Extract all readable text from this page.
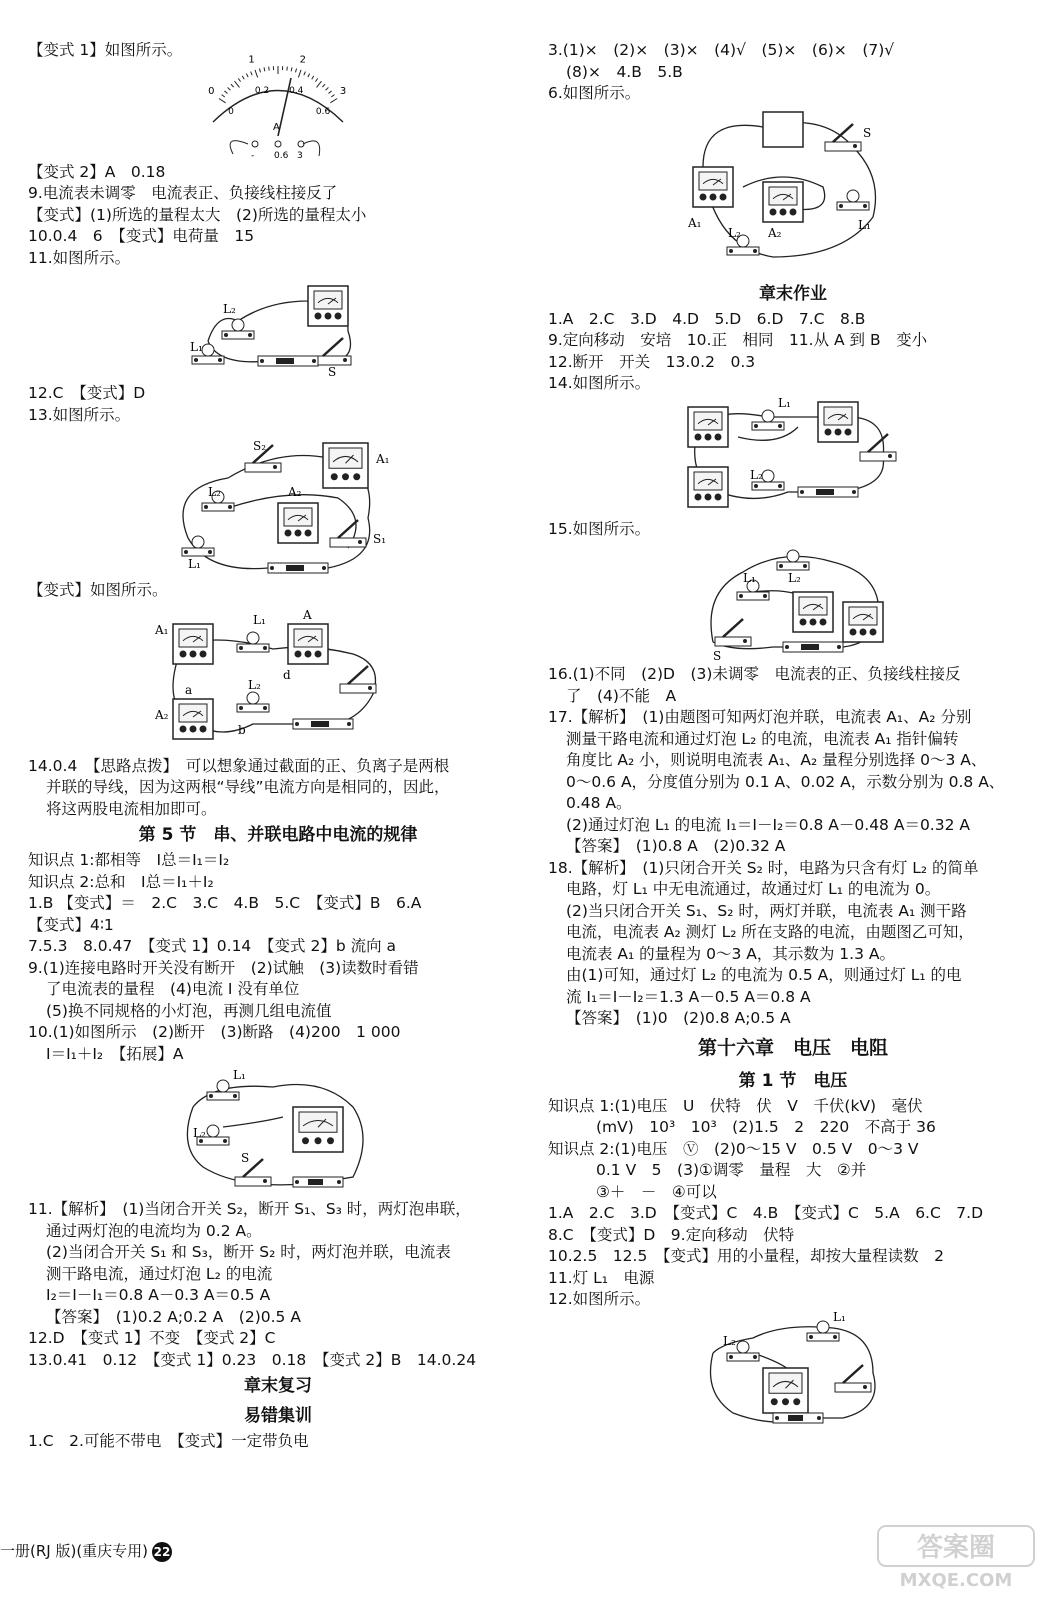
【变式 1】如图所示。
0
1	2
3
0
0.2 0.4
0.6
A
- 0.6 3
【变式 2】A　0.18
9.电流表未调零　电流表正、负接线柱接反了
【变式】(1)所选的量程太大　(2)所选的量程太小
10.0.4　6　【变式】电荷量　15
11.如图所示。
L₂
L₁
S
12.C　【变式】D
13.如图所示。
S₂
A₁
A₂
S₁
L₂
L₁
【变式】如图所示。
A₁
A₂
L₁	A
L₂
a
b
d
14.0.4　【思路点拨】　可以想象通过截面的正、负离子是两根
并联的导线，因为这两根“导线”电流方向是相同的，因此，
将这两股电流相加即可。
第 5 节　串、并联电路中电流的规律
知识点 1:都相等　I总＝I₁＝I₂
知识点 2:总和　I总＝I₁＋I₂
1.B 【变式】＝　2.C　3.C　4.B　5.C　【变式】B　6.A
【变式】4∶1
7.5.3　8.0.47　【变式 1】0.14　【变式 2】b 流向 a
9.(1)连接电路时开关没有断开　(2)试触　(3)读数时看错
了电流表的量程　(4)电流 I 没有单位
(5)换不同规格的小灯泡，再测几组电流值
10.(1)如图所示　(2)断开　(3)断路　(4)200　1 000
I＝I₁＋I₂　【拓展】A
L₁
L₂
S
11.【解析】　(1)当闭合开关 S₂，断开 S₁、S₃ 时，两灯泡串联，
通过两灯泡的电流均为 0.2 A。
(2)当闭合开关 S₁ 和 S₃，断开 S₂ 时，两灯泡并联，电流表
测干路电流，通过灯泡 L₂ 的电流
I₂＝I－I₁＝0.8 A－0.3 A＝0.5 A
【答案】　(1)0.2 A;0.2 A　(2)0.5 A
12.D　【变式 1】不变　【变式 2】C
13.0.41　0.12　【变式 1】0.23　0.18　【变式 2】B　14.0.24
章末复习
易错集训
1.C　2.可能不带电　【变式】一定带负电
3.(1)×　(2)×　(3)×　(4)√　(5)×　(6)×　(7)√
(8)×　4.B　5.B
6.如图所示。
S
A₁
A₂
L₁
L₂
章末作业
1.A　2.C　3.D　4.D　5.D　6.D　7.C　8.B
9.定向移动　安培　10.正　相同　11.从 A 到 B　变小
12.断开　开关　13.0.2　0.3
14.如图所示。
L₁
L₂
15.如图所示。
L₂
L₁
S
16.(1)不同　(2)D　(3)未调零　电流表的正、负接线柱接反
了　(4)不能　A
17.【解析】　(1)由题图可知两灯泡并联，电流表 A₁、A₂ 分别
测量干路电流和通过灯泡 L₂ 的电流，电流表 A₁ 指针偏转
角度比 A₂ 小，则说明电流表 A₁、A₂ 量程分别选择 0～3 A、
0～0.6 A，分度值分别为 0.1 A、0.02 A，示数分别为 0.8 A、
0.48 A。
(2)通过灯泡 L₁ 的电流 I₁＝I－I₂＝0.8 A－0.48 A＝0.32 A
【答案】　(1)0.8 A　(2)0.32 A
18.【解析】　(1)只闭合开关 S₂ 时，电路为只含有灯 L₂ 的简单
电路，灯 L₁ 中无电流通过，故通过灯 L₁ 的电流为 0。
(2)当只闭合开关 S₁、S₂ 时，两灯并联，电流表 A₁ 测干路
电流，电流表 A₂ 测灯 L₂ 所在支路的电流，由题图乙可知，
电流表 A₁ 的量程为 0～3 A，其示数为 1.3 A。
由(1)可知，通过灯 L₂ 的电流为 0.5 A，则通过灯 L₁ 的电
流 I₁＝I－I₂＝1.3 A－0.5 A＝0.8 A
【答案】　(1)0　(2)0.8 A;0.5 A
第十六章　电压　电阻
第 1 节　电压
知识点 1:(1)电压　U　伏特　伏　V　千伏(kV)　毫伏
(mV)　10³　10³　(2)1.5　2　220　不高于 36
知识点 2:(1)电压　Ⓥ　(2)0～15 V　0.5 V　0～3 V
0.1 V　5　(3)①调零　量程　大　②并
③＋　－　④可以
1.A　2.C　3.D　【变式】C　4.B　【变式】C　5.A　6.C　7.D
8.C　【变式】D　9.定向移动　伏特
10.2.5　12.5　【变式】用的小量程，却按大量程读数　2
11.灯 L₁　电源
12.如图所示。
L₁
L₂
一册(RJ 版)(重庆专用) 22	答案圈
MXQE.COM
